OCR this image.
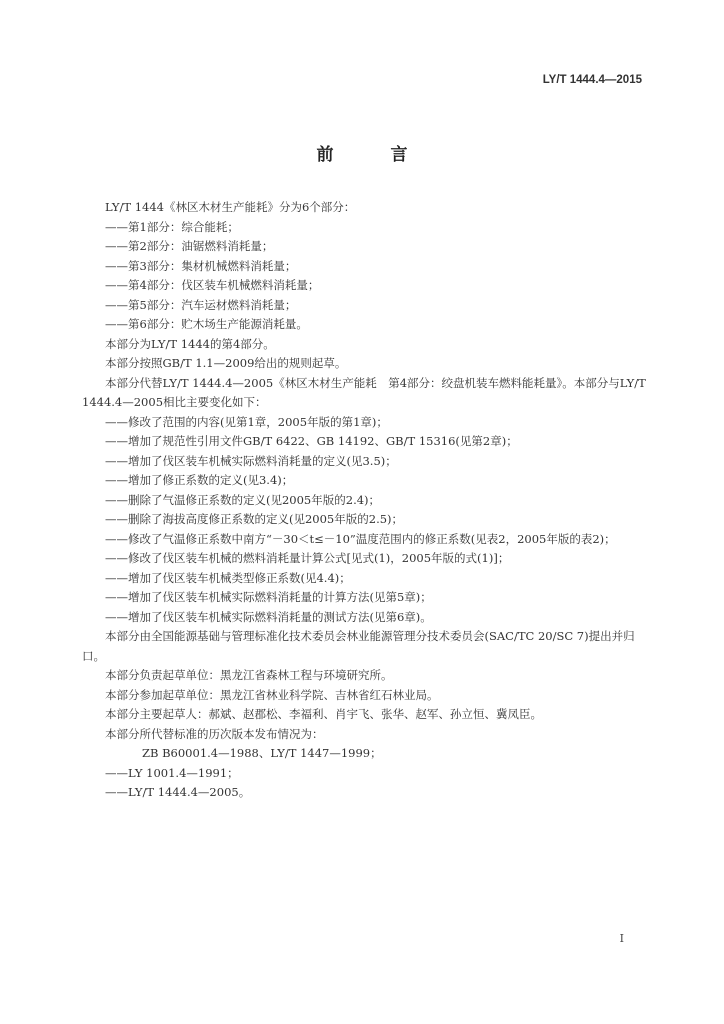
LY/T 1444.4—2015
前　言

LY/T 1444《林区木材生产能耗》分为6个部分：

——第1部分：综合能耗；

——第2部分：油锯燃料消耗量；

——第3部分：集材机械燃料消耗量；

——第4部分：伐区装车机械燃料消耗量；

——第5部分：汽车运材燃料消耗量；

——第6部分：贮木场生产能源消耗量。

本部分为LY/T 1444的第4部分。

本部分按照GB/T 1.1—2009给出的规则起草。

本部分代替LY/T 1444.4—2005《林区木材生产能耗　第4部分：绞盘机装车燃料能耗量》。本部分与LY/T 1444.4—2005相比主要变化如下：

——修改了范围的内容(见第1章，2005年版的第1章)；

——增加了规范性引用文件GB/T 6422、GB 14192、GB/T 15316(见第2章)；

——增加了伐区装车机械实际燃料消耗量的定义(见3.5)；

——增加了修正系数的定义(见3.4)；

——删除了气温修正系数的定义(见2005年版的2.4)；

——删除了海拔高度修正系数的定义(见2005年版的2.5)；

——修改了气温修正系数中南方“－30＜t≤－10”温度范围内的修正系数(见表2，2005年版的表2)；

——修改了伐区装车机械的燃料消耗量计算公式[见式(1)，2005年版的式(1)]；

——增加了伐区装车机械类型修正系数(见4.4)；

——增加了伐区装车机械实际燃料消耗量的计算方法(见第5章)；

——增加了伐区装车机械实际燃料消耗量的测试方法(见第6章)。

本部分由全国能源基础与管理标准化技术委员会林业能源管理分技术委员会(SAC/TC 20/SC 7)提出并归口。

本部分负责起草单位：黑龙江省森林工程与环境研究所。

本部分参加起草单位：黑龙江省林业科学院、吉林省红石林业局。

本部分主要起草人：郝斌、赵郡松、李福利、肖宇飞、张华、赵军、孙立恒、冀凤臣。

本部分所代替标准的历次版本发布情况为：

ZB B60001.4—1988、LY/T 1447—1999；

——LY 1001.4—1991；

——LY/T 1444.4—2005。

I
